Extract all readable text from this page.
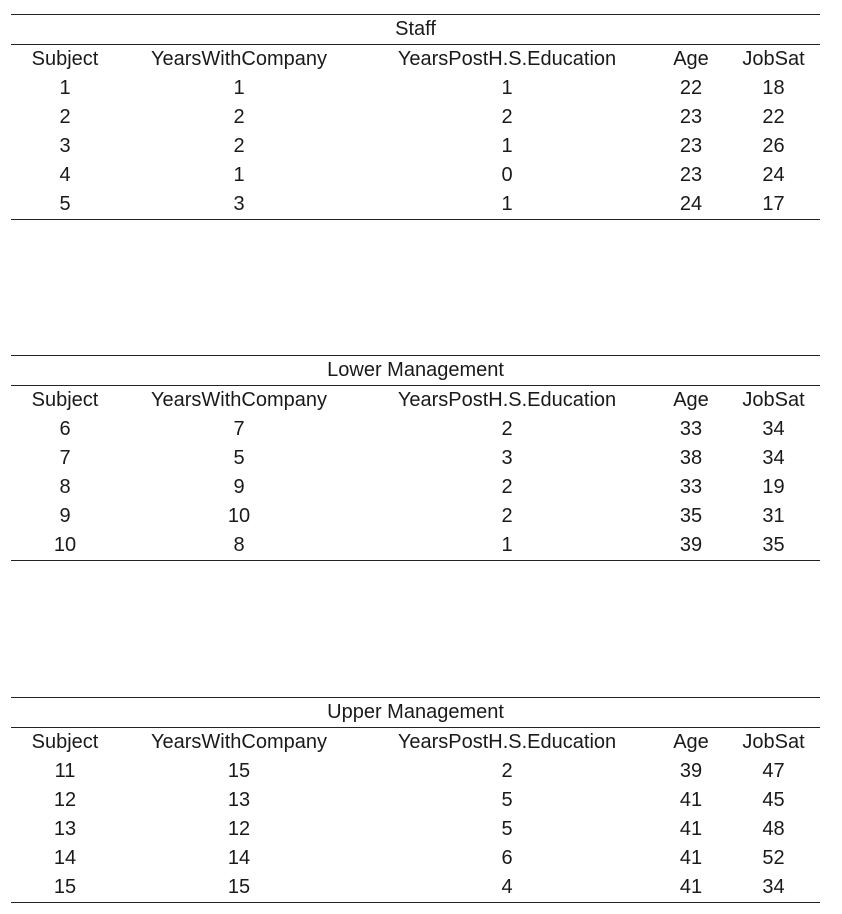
Staff				
Subject	YearsWithCompany	YearsPostH.S.Education	Age	JobSat
1	1	1	22	18
2	2	2	23	22
3	2	1	23	26
4	1	0	23	24
5	3	1	24	17
Lower Management				
Subject	YearsWithCompany	YearsPostH.S.Education	Age	JobSat
6	7	2	33	34
7	5	3	38	34
8	9	2	33	19
9	10	2	35	31
10	8	1	39	35
Upper Management				
Subject	YearsWithCompany	YearsPostH.S.Education	Age	JobSat
11	15	2	39	47
12	13	5	41	45
13	12	5	41	48
14	14	6	41	52
15	15	4	41	34
